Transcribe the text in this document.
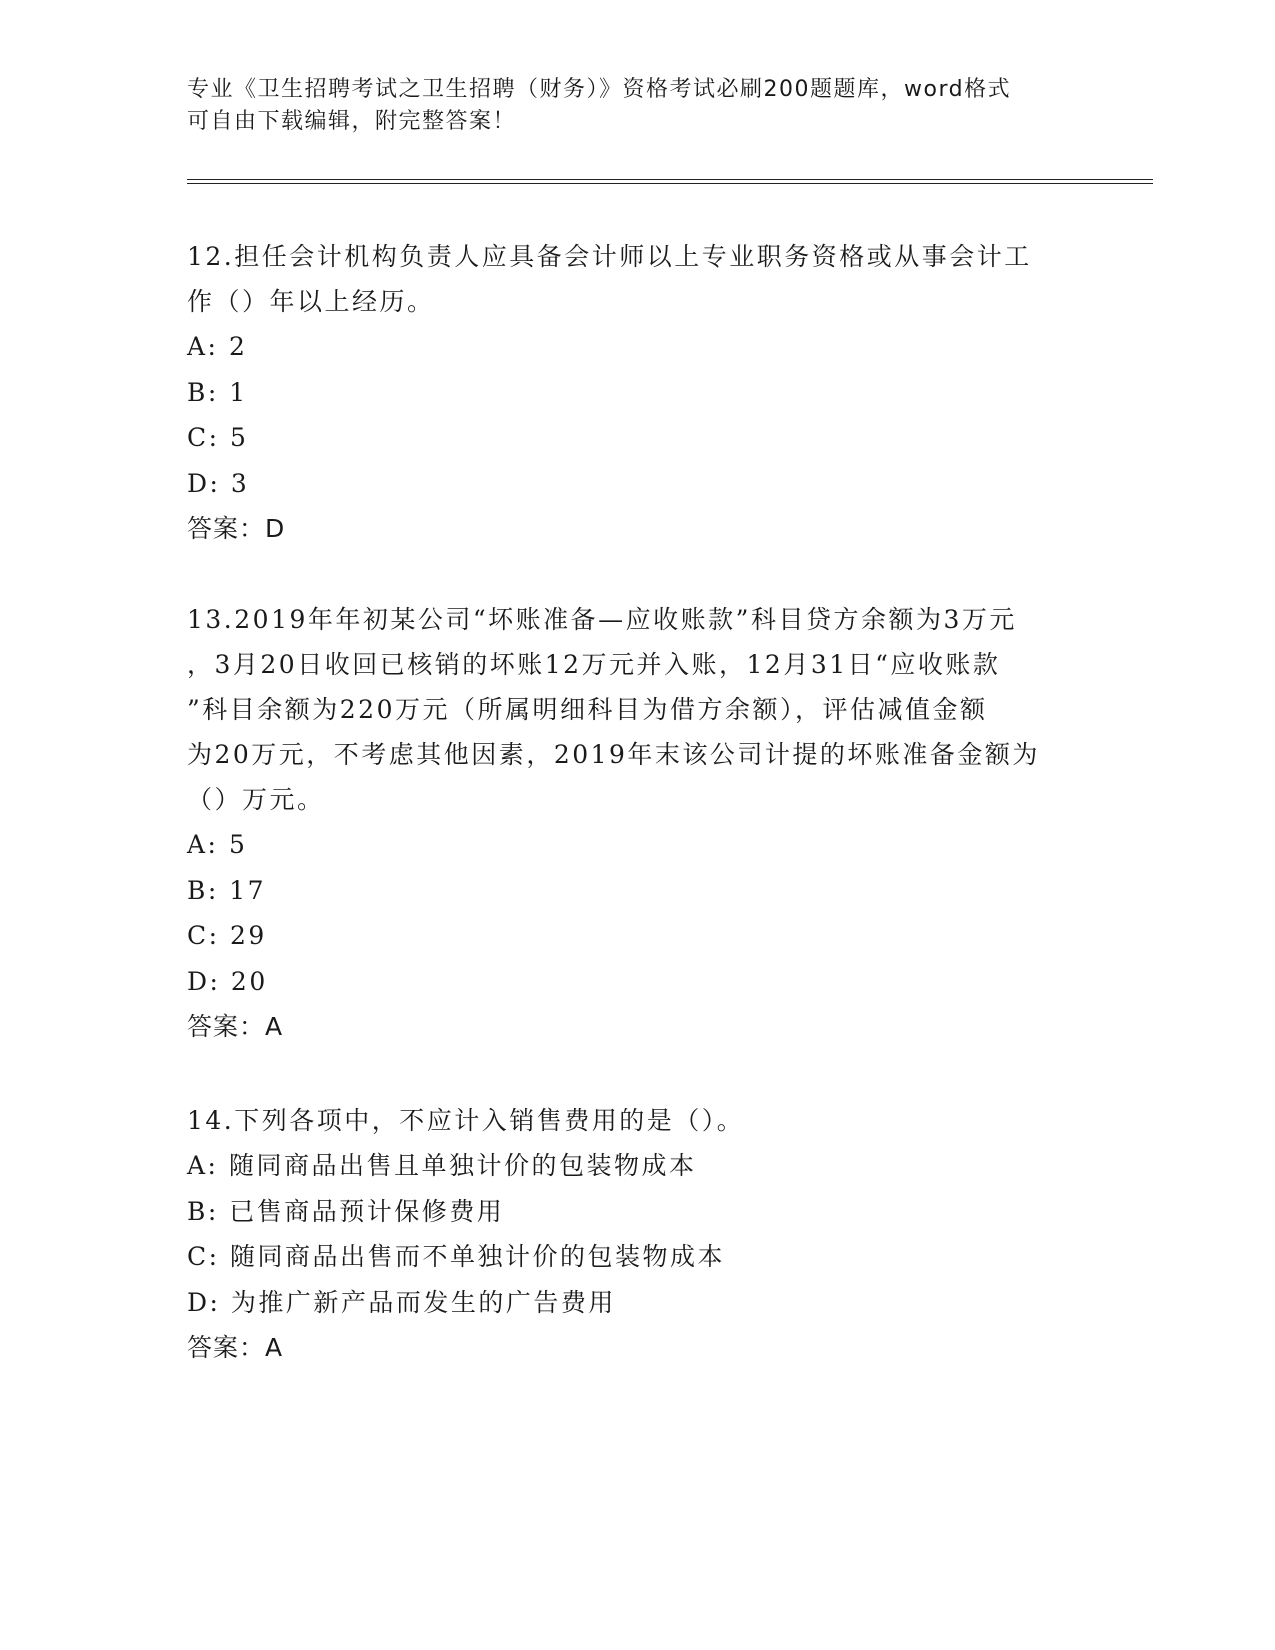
专业《卫生招聘考试之卫生招聘（财务）》资格考试必刷200题题库，word格式
可自由下载编辑，附完整答案！
12.担任会计机构负责人应具备会计师以上专业职务资格或从事会计工
作（）年以上经历。
A: 2
B: 1
C: 5
D: 3
答案：D
13.2019年年初某公司“坏账准备—应收账款”科目贷方余额为3万元
，3月20日收回已核销的坏账12万元并入账，12月31日“应收账款
”科目余额为220万元（所属明细科目为借方余额），评估减值金额
为20万元，不考虑其他因素，2019年末该公司计提的坏账准备金额为
（）万元。
A: 5
B: 17
C: 29
D: 20
答案：A
14.下列各项中，不应计入销售费用的是（）。
A: 随同商品出售且单独计价的包装物成本
B: 已售商品预计保修费用
C: 随同商品出售而不单独计价的包装物成本
D: 为推广新产品而发生的广告费用
答案：A
